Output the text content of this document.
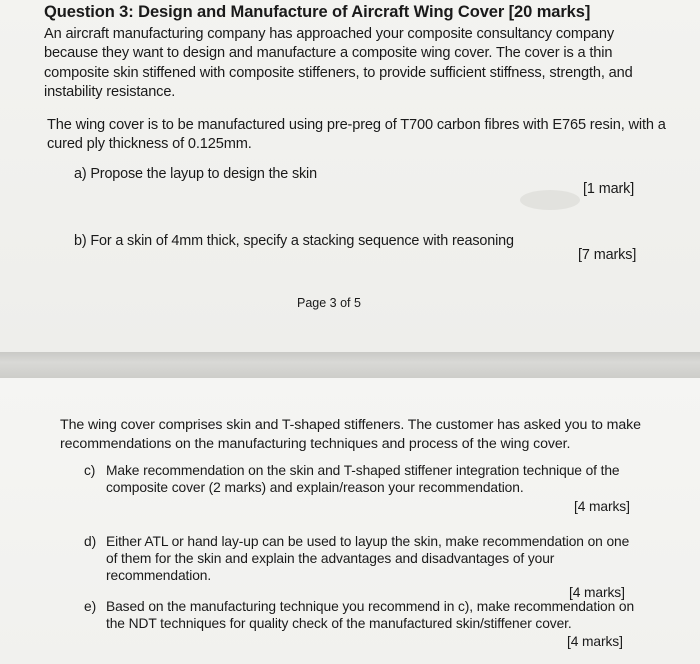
Question 3: Design and Manufacture of Aircraft Wing Cover [20 marks]

An aircraft manufacturing company has approached your composite consultancy company because they want to design and manufacture a composite wing cover. The cover is a thin composite skin stiffened with composite stiffeners, to provide sufficient stiffness, strength, and instability resistance.

The wing cover is to be manufactured using pre-preg of T700 carbon fibres with E765 resin, with a cured ply thickness of 0.125mm.

a) Propose the layup to design the skin
[1 mark]
b) For a skin of 4mm thick, specify a stacking sequence with reasoning
[7 marks]
Page 3 of 5

The wing cover comprises skin and T-shaped stiffeners. The customer has asked you to make recommendations on the manufacturing techniques and process of the wing cover.

c) Make recommendation on the skin and T-shaped stiffener integration technique of the composite cover (2 marks) and explain/reason your recommendation.
[4 marks]
d) Either ATL or hand lay-up can be used to layup the skin, make recommendation on one of them for the skin and explain the advantages and disadvantages of your recommendation.
[4 marks]
e) Based on the manufacturing technique you recommend in c), make recommendation on the NDT techniques for quality check of the manufactured skin/stiffener cover.
[4 marks]
